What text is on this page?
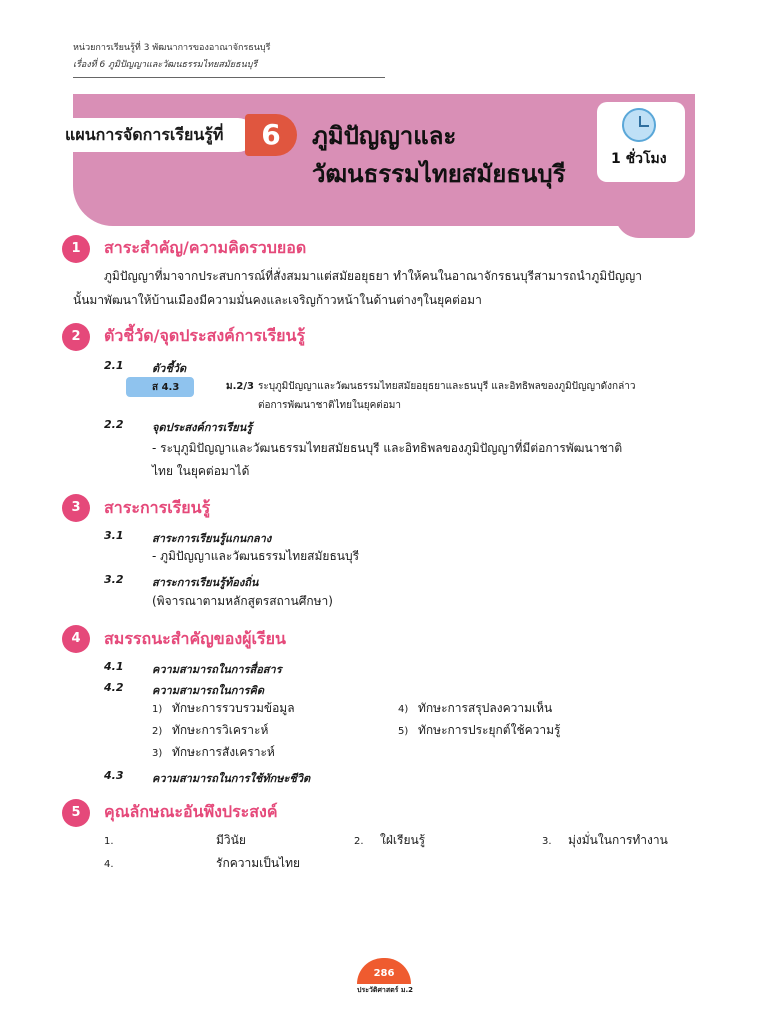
หน่วยการเรียนรู้ที่ 3 พัฒนาการของอาณาจักรธนบุรี
เรื่องที่ 6 ภูมิปัญญาและวัฒนธรรมไทยสมัยธนบุรี
แผนการจัดการเรียนรู้ที่	6	ภูมิปัญญาและ
วัฒนธรรมไทยสมัยธนบุรี
1 ชั่วโมง
1	สาระสำคัญ/ความคิดรวบยอด
ภูมิปัญญาที่มาจากประสบการณ์ที่สั่งสมมาแต่สมัยอยุธยา ทำให้คนในอาณาจักรธนบุรีสามารถนำภูมิปัญญา
นั้นมาพัฒนาให้บ้านเมืองมีความมั่นคงและเจริญก้าวหน้าในด้านต่างๆในยุคต่อมา
2	ตัวชี้วัด/จุดประสงค์การเรียนรู้
2.1	ตัวชี้วัด
ส 4.3	ม.2/3 ระบุภูมิปัญญาและวัฒนธรรมไทยสมัยอยุธยาและธนบุรี และอิทธิพลของภูมิปัญญาดังกล่าว
ต่อการพัฒนาชาติไทยในยุคต่อมา
2.2	จุดประสงค์การเรียนรู้
- ระบุภูมิปัญญาและวัฒนธรรมไทยสมัยธนบุรี และอิทธิพลของภูมิปัญญาที่มีต่อการพัฒนาชาติ
ไทย ในยุคต่อมาได้
3	สาระการเรียนรู้
3.1	สาระการเรียนรู้แกนกลาง
- ภูมิปัญญาและวัฒนธรรมไทยสมัยธนบุรี
3.2	สาระการเรียนรู้ท้องถิ่น
(พิจารณาตามหลักสูตรสถานศึกษา)
4	สมรรถนะสำคัญของผู้เรียน
4.1	ความสามารถในการสื่อสาร
4.2	ความสามารถในการคิด
1) ทักษะการรวบรวมข้อมูล
2) ทักษะการวิเคราะห์
3) ทักษะการสังเคราะห์
4) ทักษะการสรุปลงความเห็น
5) ทักษะการประยุกต์ใช้ความรู้
4.3	ความสามารถในการใช้ทักษะชีวิต
5	คุณลักษณะอันพึงประสงค์
1.	มีวินัย	2. ใฝ่เรียนรู้	3. มุ่งมั่นในการทำงาน
4.	รักความเป็นไทย
286
ประวัติศาสตร์ ม.2
